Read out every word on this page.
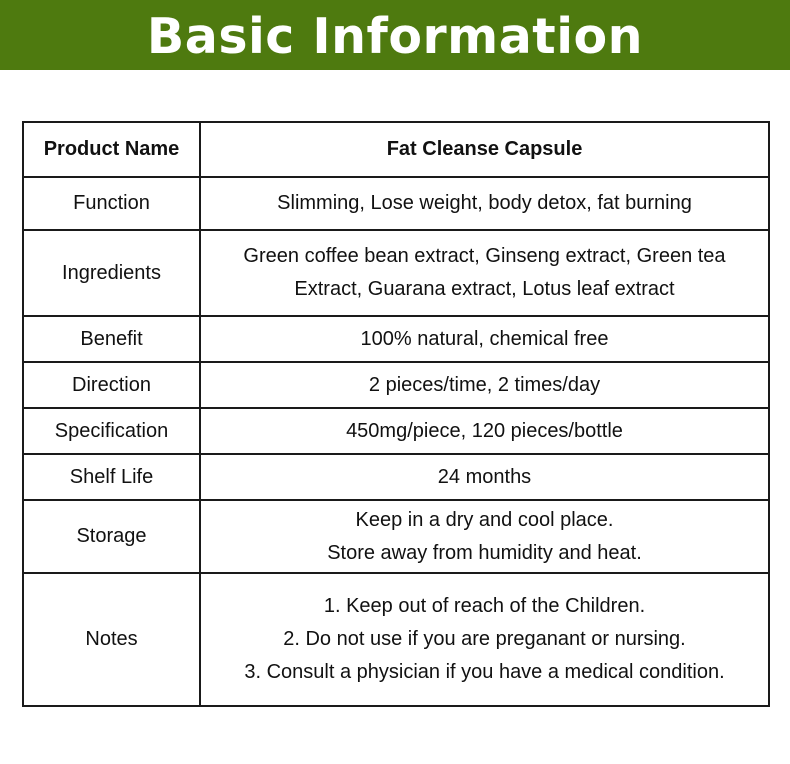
Basic Information
Product Name	Fat Cleanse Capsule
Function	Slimming, Lose weight, body detox, fat burning

Ingredients	Green coffee bean extract, Ginseng extract, Green tea
Extract, Guarana extract, Lotus leaf extract

Benefit	100% natural, chemical free

Direction	2 pieces/time, 2 times/day

Specification	450mg/piece, 120 pieces/bottle

Shelf Life	24 months

Storage	Keep in a dry and cool place.
Store away from humidity and heat.

Notes	1. Keep out of reach of the Children.
2. Do not use if you are preganant or nursing.
3. Consult a physician if you have a medical condition.
